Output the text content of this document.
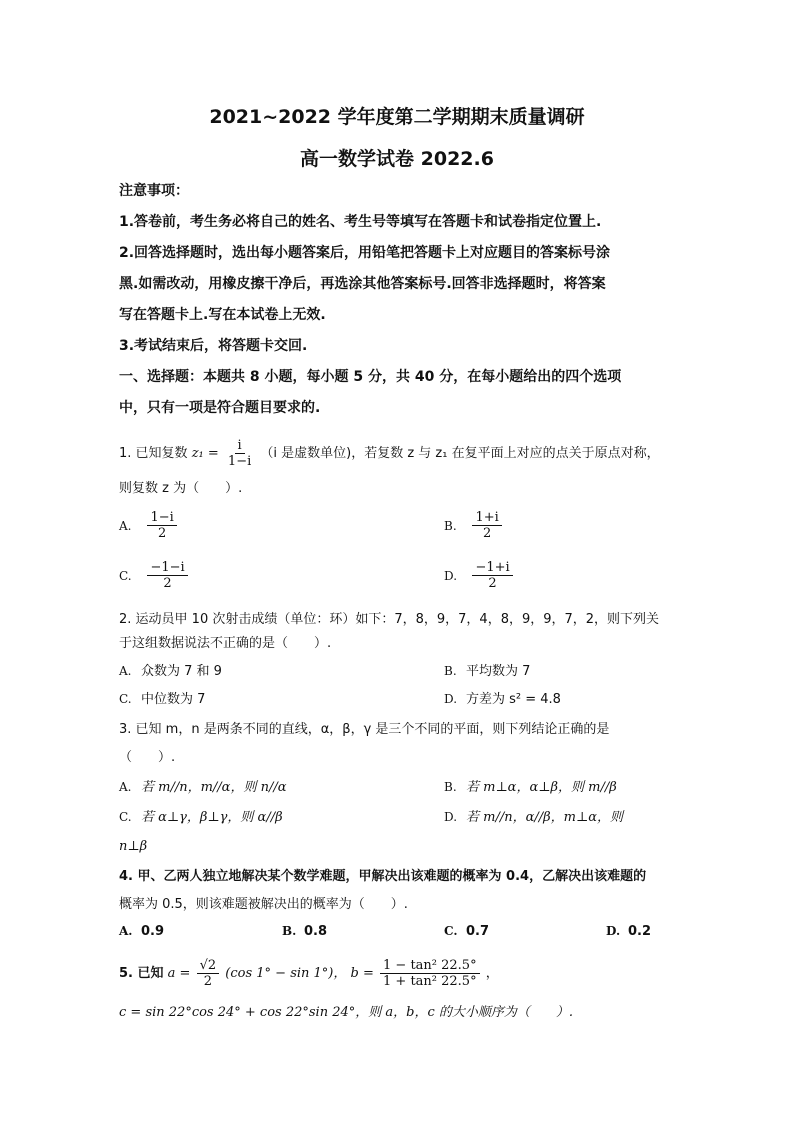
2021~2022 学年度第二学期期末质量调研
高一数学试卷 2022.6
注意事项：
1.答卷前，考生务必将自己的姓名、考生号等填写在答题卡和试卷指定位置上.
2.回答选择题时，选出每小题答案后，用铅笔把答题卡上对应题目的答案标号涂
黑.如需改动，用橡皮擦干净后，再选涂其他答案标号.回答非选择题时，将答案
写在答题卡上.写在本试卷上无效.
3.考试结束后，将答题卡交回.
一、选择题：本题共 8 小题，每小题 5 分，共 40 分，在每小题给出的四个选项
中，只有一项是符合题目要求的.
1. 已知复数 $z_1 = \frac{i}{1-i} (i$ 是虚数单位)，若复数 z 与 z₁ 在复平面上对应的点关于原点对称，
则复数 z 为（　　）.
A. $\frac{1-i}{2}$	B. $\frac{1+i}{2}$
C. $\frac{-1-i}{2}$	D. $\frac{-1+i}{2}$
2. 运动员甲 10 次射击成绩（单位：环）如下：7，8，9，7，4，8，9，9，7，2，则下列关
于这组数据说法不正确的是（　　）.
A. 众数为 7 和 9	B. 平均数为 7
C. 中位数为 7	D. 方差为 s² = 4.8
3. 已知 m，n 是两条不同的直线，α，β，γ 是三个不同的平面，则下列结论正确的是
（　　）.
A. 若 m//n，m//α，则 n//α	B. 若 m⊥α，α⊥β，则 m//β
C. 若 α⊥γ，β⊥γ，则 α//β	D. 若 m//n，α//β，m⊥α，则
n⊥β
4. 甲、乙两人独立地解决某个数学难题，甲解决出该难题的概率为 0.4，乙解决出该难题的
概率为 0.5，则该难题被解决出的概率为（　　）.
A. 0.9	B. 0.8	C. 0.7	D. 0.2
5. 已知 $a = \frac{√2}{2} (\cos$ 1° − sin 1°)， $b = \frac{\text{1 − tan² 22.5°}}{\text{1 + tan² 22.5°}}$ ，
c = sin 22°cos 24° + cos 22°sin 24°，则 a，b，c 的大小顺序为（　　）.
